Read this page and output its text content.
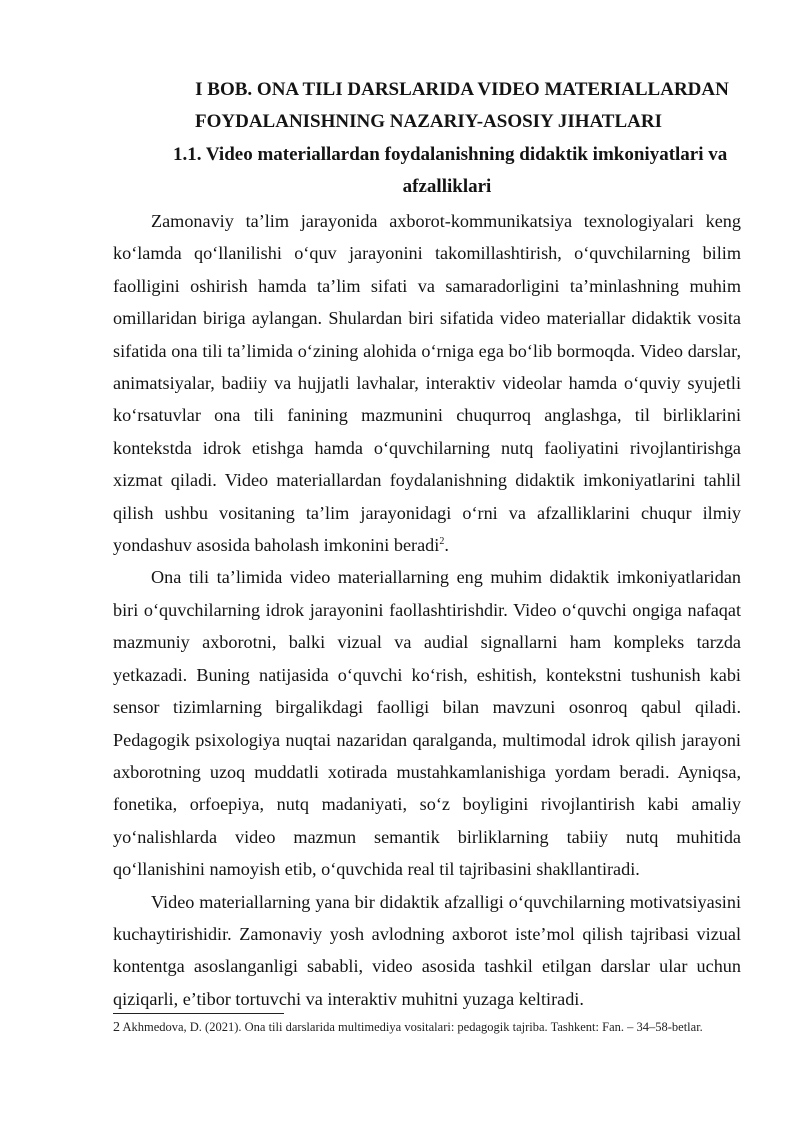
I BOB. ONA TILI DARSLARIDA VIDEO MATERIALLARDAN
FOYDALANISHNING NAZARIY-ASOSIY JIHATLARI
1.1. Video materiallardan foydalanishning didaktik imkoniyatlari va
afzalliklari

Zamonaviy ta’lim jarayonida axborot-kommunikatsiya texnologiyalari keng ko‘lamda qo‘llanilishi o‘quv jarayonini takomillashtirish, o‘quvchilarning bilim faolligini oshirish hamda ta’lim sifati va samaradorligini ta’minlashning muhim omillaridan biriga aylangan. Shulardan biri sifatida video materiallar didaktik vosita sifatida ona tili ta’limida o‘zining alohida o‘rniga ega bo‘lib bormoqda. Video darslar, animatsiyalar, badiiy va hujjatli lavhalar, interaktiv videolar hamda o‘quviy syujetli ko‘rsatuvlar ona tili fanining mazmunini chuqurroq anglashga, til birliklarini kontekstda idrok etishga hamda o‘quvchilarning nutq faoliyatini rivojlantirishga xizmat qiladi. Video materiallardan foydalanishning didaktik imkoniyatlarini tahlil qilish ushbu vositaning ta’lim jarayonidagi o‘rni va afzalliklarini chuqur ilmiy yondashuv asosida baholash imkonini beradi$^2$.

Ona tili ta’limida video materiallarning eng muhim didaktik imkoniyatlaridan biri o‘quvchilarning idrok jarayonini faollashtirishdir. Video o‘quvchi ongiga nafaqat mazmuniy axborotni, balki vizual va audial signallarni ham kompleks tarzda yetkazadi. Buning natijasida o‘quvchi ko‘rish, eshitish, kontekstni tushunish kabi sensor tizimlarning birgalikdagi faolligi bilan mavzuni osonroq qabul qiladi. Pedagogik psixologiya nuqtai nazaridan qaralganda, multimodal idrok qilish jarayoni axborotning uzoq muddatli xotirada mustahkamlanishiga yordam beradi. Ayniqsa, fonetika, orfoepiya, nutq madaniyati, so‘z boyligini rivojlantirish kabi amaliy yo‘nalishlarda video mazmun semantik birliklarning tabiiy nutq muhitida qo‘llanishini namoyish etib, o‘quvchida real til tajribasini shakllantiradi.

Video materiallarning yana bir didaktik afzalligi o‘quvchilarning motivatsiyasini kuchaytirishidir. Zamonaviy yosh avlodning axborot iste’mol qilish tajribasi vizual kontentga asoslanganligi sababli, video asosida tashkil etilgan darslar ular uchun qiziqarli, e’tibor tortuvchi va interaktiv muhitni yuzaga keltiradi.

2 Akhmedova, D. (2021). Ona tili darslarida multimediya vositalari: pedagogik tajriba. Tashkent: Fan. – 34–58-betlar.
